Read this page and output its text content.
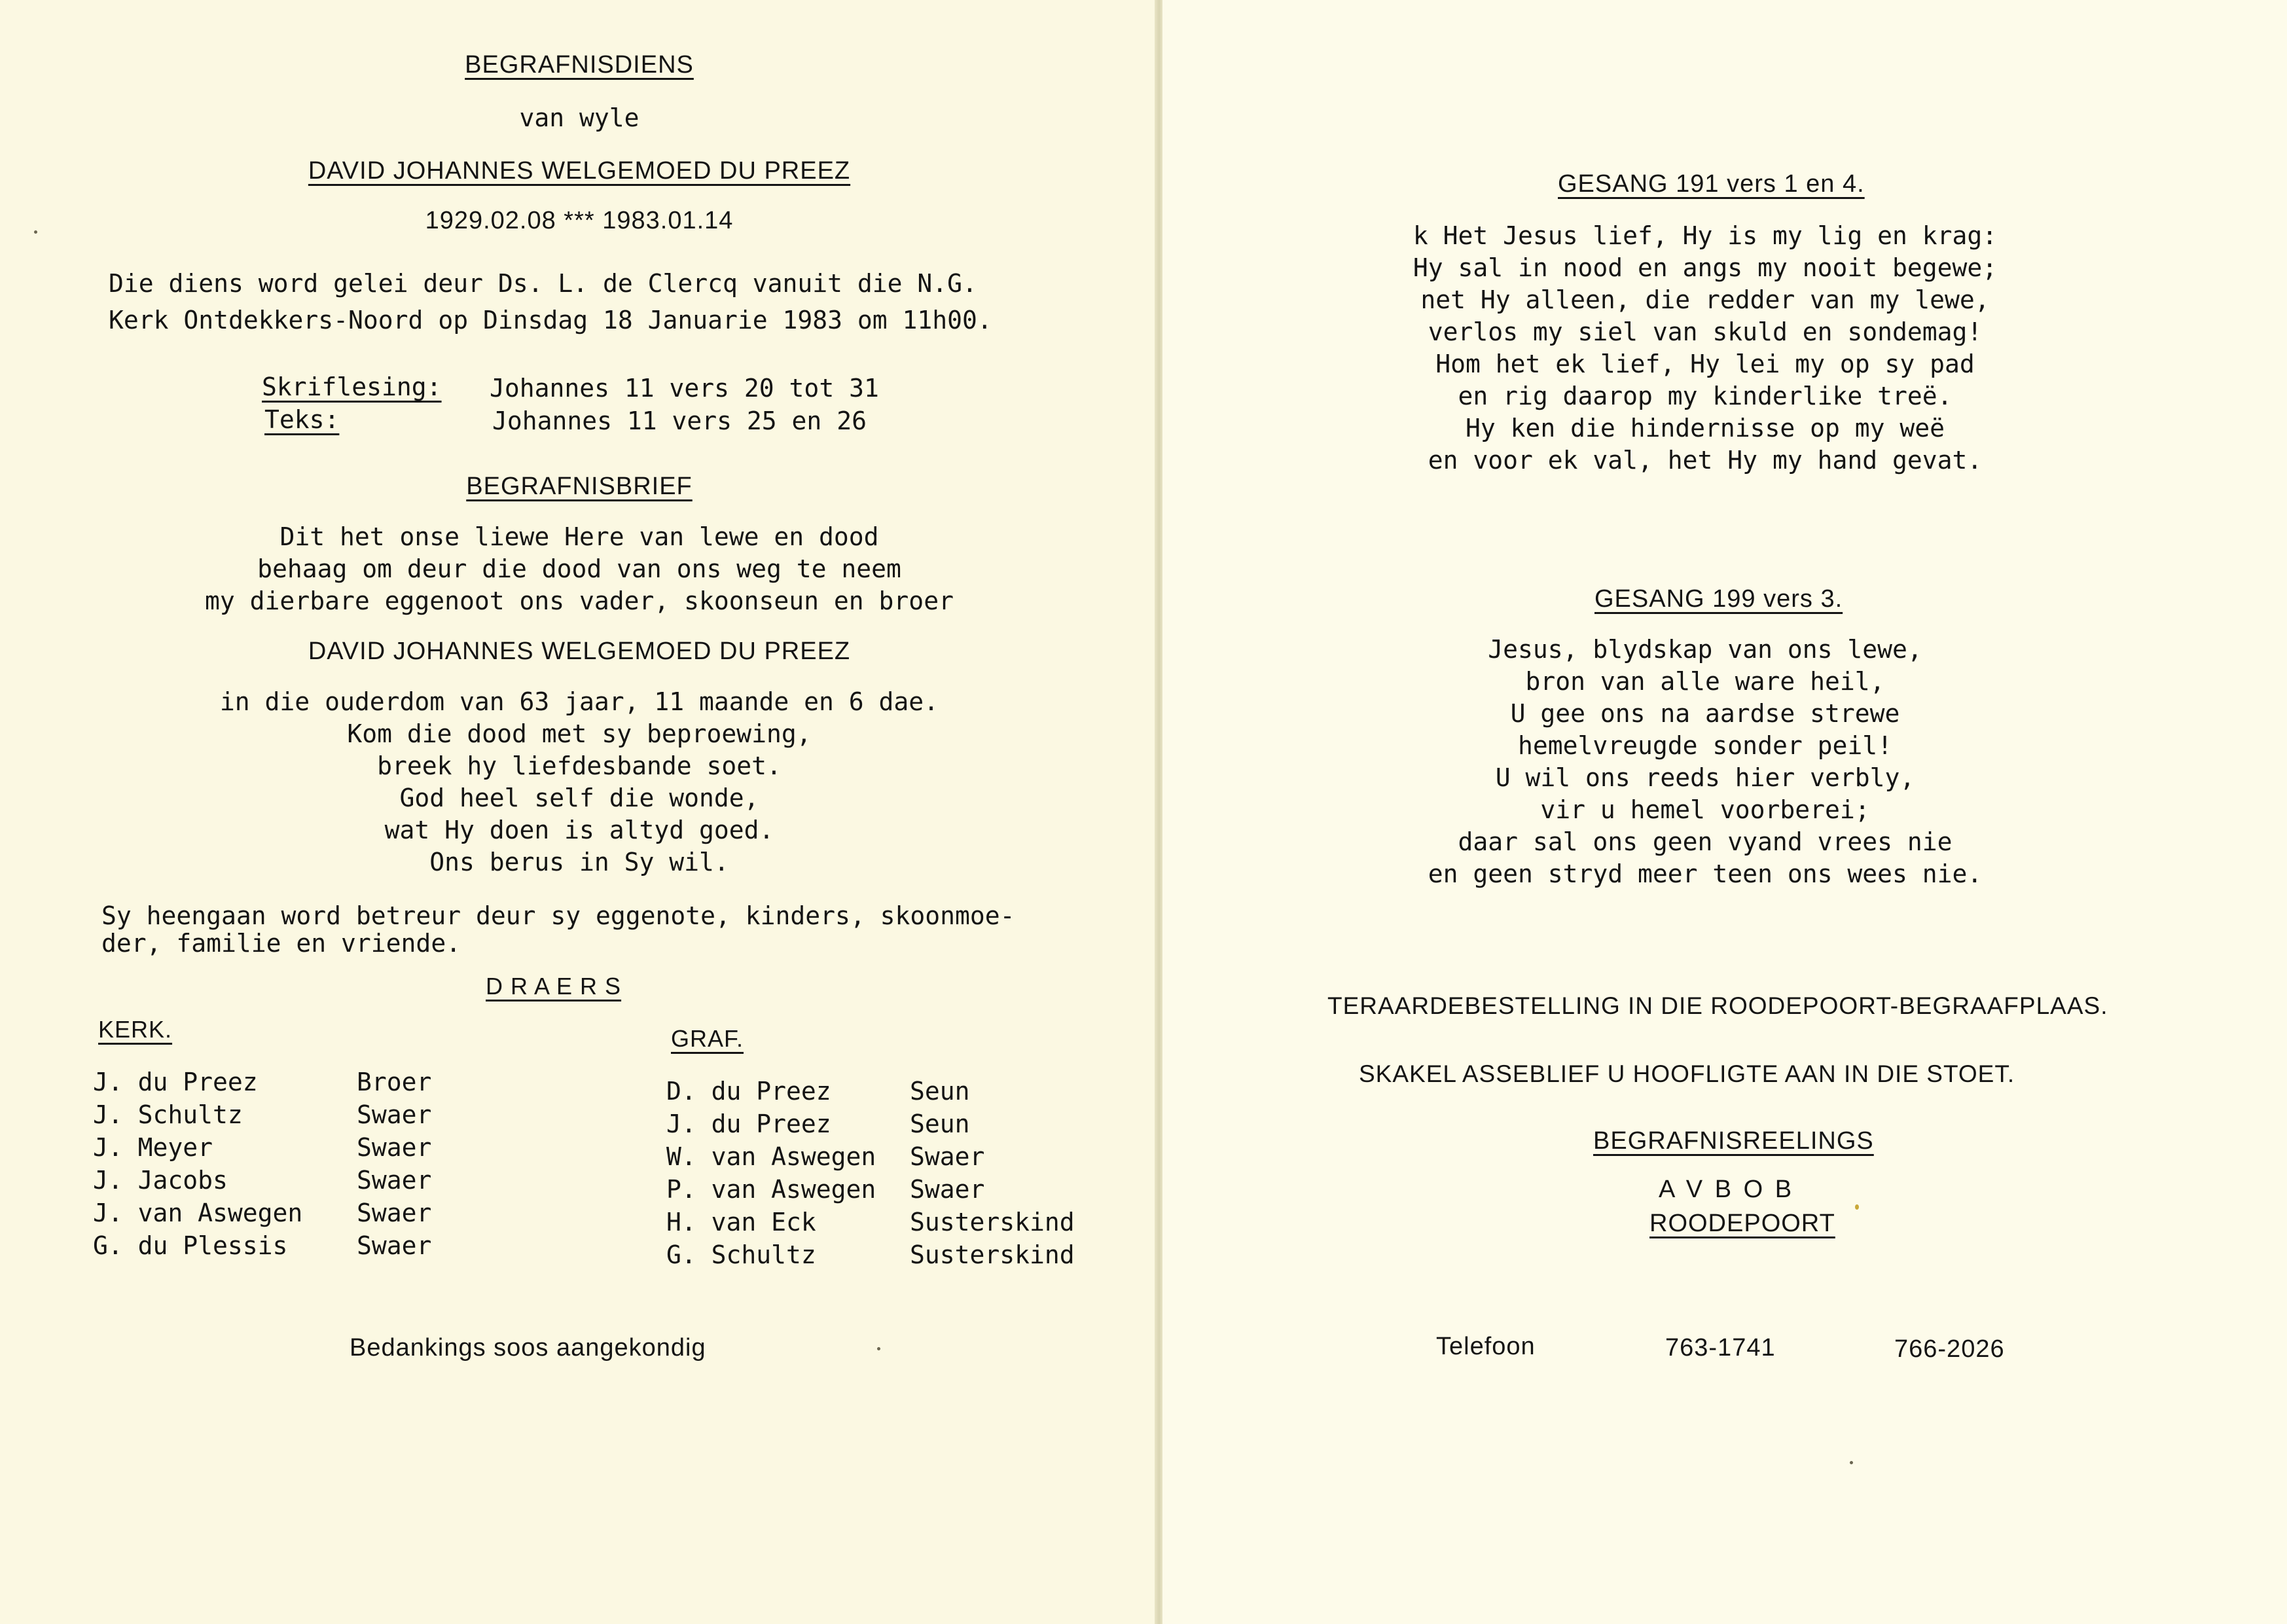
BEGRAFNISDIENS
van wyle
DAVID JOHANNES WELGEMOED DU PREEZ
1929.02.08 *** 1983.01.14
Die diens word gelei deur Ds. L. de Clercq vanuit die N.G.
Kerk Ontdekkers-Noord op Dinsdag 18 Januarie 1983 om 11h00.
Skriflesing: Johannes 11 vers 20 tot 31
Teks:	Johannes 11 vers 25 en 26
BEGRAFNISBRIEF
Dit het onse liewe Here van lewe en dood
behaag om deur die dood van ons weg te neem
my dierbare eggenoot ons vader, skoonseun en broer
DAVID JOHANNES WELGEMOED DU PREEZ
in die ouderdom van 63 jaar, 11 maande en 6 dae.
Kom die dood met sy beproewing,
breek hy liefdesbande soet.
God heel self die wonde,
wat Hy doen is altyd goed.
Ons berus in Sy wil.
Sy heengaan word betreur deur sy eggenote, kinders, skoonmoe-
der, familie en vriende.
D R A E R S
KERK.	GRAF.
J. du Preez	Broer
J. Schultz	Swaer
J. Meyer	Swaer
J. Jacobs	Swaer
J. van Aswegen Swaer
G. du Plessis	Swaer
D. du Preez	Seun
J. du Preez	Seun
W. van Aswegen Swaer
P. van Aswegen Swaer
H. van Eck	Susterskind
G. Schultz	Susterskind
Bedankings soos aangekondig
GESANG 191 vers 1 en 4.
k Het Jesus lief, Hy is my lig en krag:
Hy sal in nood en angs my nooit begewe;
net Hy alleen, die redder van my lewe,
verlos my siel van skuld en sondemag!
Hom het ek lief, Hy lei my op sy pad
en rig daarop my kinderlike treë.
Hy ken die hindernisse op my weë
en voor ek val, het Hy my hand gevat.
GESANG 199 vers 3.
Jesus, blydskap van ons lewe,
bron van alle ware heil,
U gee ons na aardse strewe
hemelvreugde sonder peil!
U wil ons reeds hier verbly,
vir u hemel voorberei;
daar sal ons geen vyand vrees nie
en geen stryd meer teen ons wees nie.
TERAARDEBESTELLING IN DIE ROODEPOORT-BEGRAAFPLAAS.
SKAKEL ASSEBLIEF U HOOFLIGTE AAN IN DIE STOET.
BEGRAFNISREELINGS
A V B O B
ROODEPOORT
Telefoon	763-1741	766-2026
